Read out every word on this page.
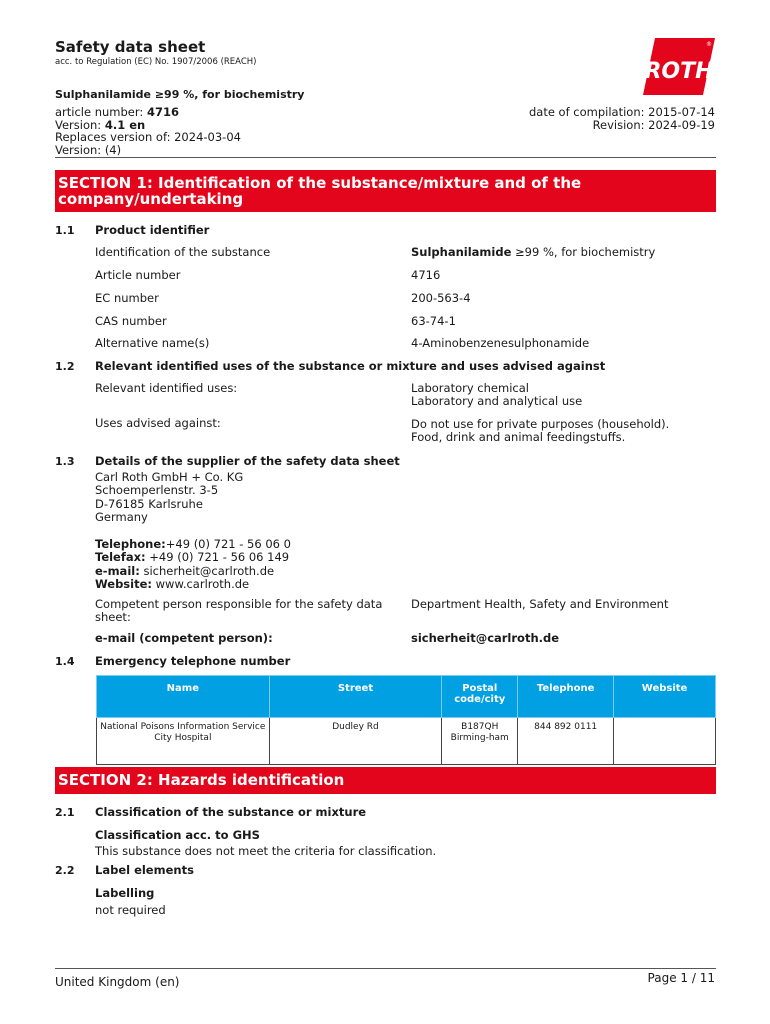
Safety data sheet
acc. to Regulation (EC) No. 1907/2006 (REACH)	ROTH
®
Sulphanilamide ≥99 %, for biochemistry
article number: 4716
Version: 4.1 en
Replaces version of: 2024-03-04
Version: (4)
date of compilation: 2015-07-14
Revision: 2024-09-19
SECTION 1: Identification of the substance/mixture and of the company/undertaking
1.1 Product identifier
Identification of the substance	Sulphanilamide ≥99 %, for biochemistry
Article number	4716
EC number	200-563-4
CAS number	63-74-1
Alternative name(s)	4-Aminobenzenesulphonamide
1.2 Relevant identified uses of the substance or mixture and uses advised against
Relevant identified uses:	Laboratory chemical
Laboratory and analytical use
Uses advised against:	Do not use for private purposes (household).
Food, drink and animal feedingstuffs.
1.3 Details of the supplier of the safety data sheet
Carl Roth GmbH + Co. KG
Schoemperlenstr. 3-5
D-76185 Karlsruhe
Germany
Telephone:+49 (0) 721 - 56 06 0
Telefax: +49 (0) 721 - 56 06 149
e-mail: sicherheit@carlroth.de
Website: www.carlroth.de
Competent person responsible for the safety data
sheet:
Department Health, Safety and Environment
e-mail (competent person):	sicherheit@carlroth.de
1.4 Emergency telephone number
Name	Street	Postal code/city	Telephone	Website
National Poisons Information Service City Hospital	Dudley Rd	B187QH Birming-ham	844 892 0111	
SECTION 2: Hazards identification
2.1 Classification of the substance or mixture
Classification acc. to GHS
This substance does not meet the criteria for classification.
2.2 Label elements
Labelling
not required
United Kingdom (en)	Page 1 / 11
